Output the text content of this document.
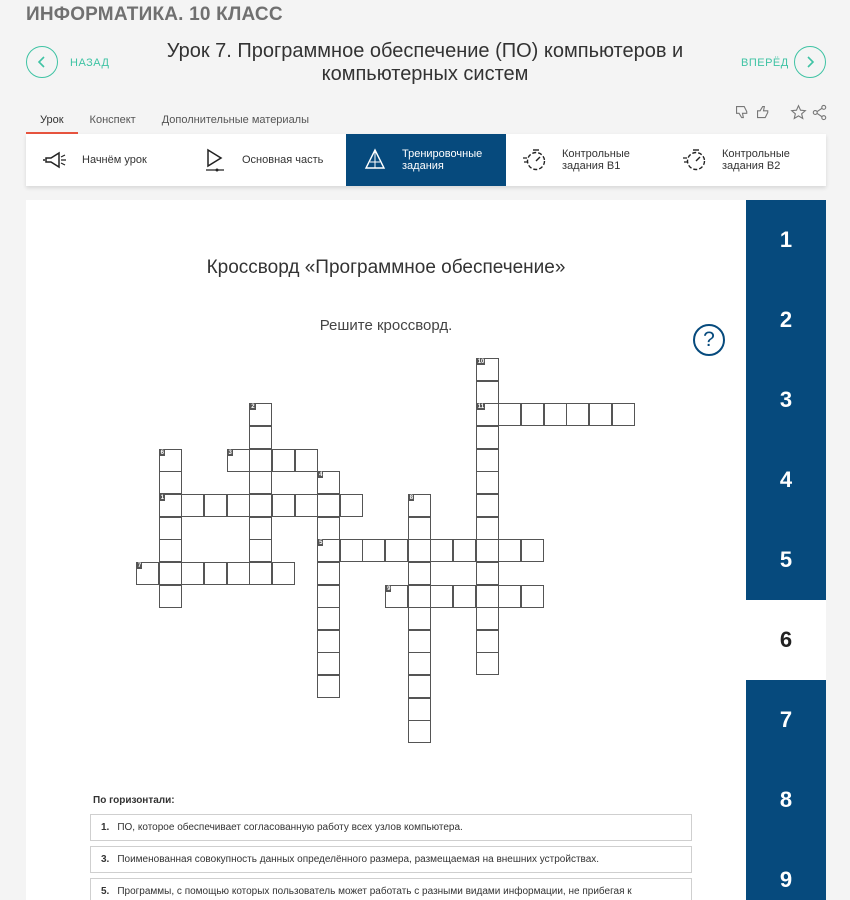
ИНФОРМАТИКА. 10 КЛАСС
НАЗАД
Урок 7. Программное обеспечение (ПО) компьютеров и компьютерных систем	ВПЕРЁД
Урок	Конспект Дополнительные материалы
Начнём урок	Основная часть	Тренировочные задания
Контрольные задания В1
Контрольные задания В2
Кроссворд «Программное обеспечение»
Решите кроссворд.
?
1
2
3
4
5
6
7
8
9
10
11
По горизонтали:
1. ПО, которое обеспечивает согласованную работу всех узлов компьютера.
3. Поименованная совокупность данных определённого размера, размещаемая на внешних устройствах.
5. Программы, с помощью которых пользователь может работать с разными видами информации, не прибегая к
1
2
3
4
5
6
7
8
9
